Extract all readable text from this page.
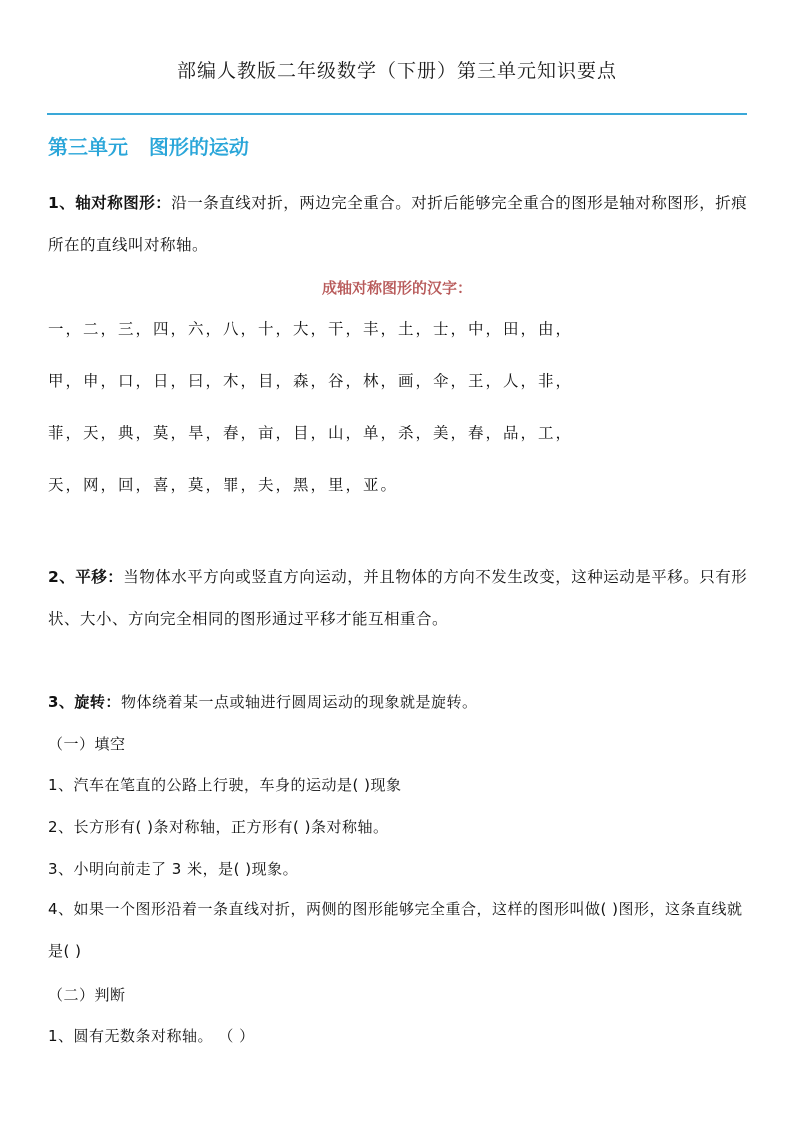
部编人教版二年级数学（下册）第三单元知识要点
第三单元   图形的运动
1、轴对称图形：沿一条直线对折，两边完全重合。对折后能够完全重合的图形是轴对称图形，折痕所在的直线叫对称轴。
成轴对称图形的汉字：
一，二，三，四，六，八，十，大，干，丰，土，士，中，田，由，
甲，申，口，日，曰，木，目，森，谷，林，画，伞，王，人，非，
菲，天，典，莫，旱，春，亩，目，山，单，杀，美，春，品，工，
天，网，回，喜，莫，罪，夫，黑，里，亚。
2、平移：当物体水平方向或竖直方向运动，并且物体的方向不发生改变，这种运动是平移。只有形状、大小、方向完全相同的图形通过平移才能互相重合。
3、旋转：物体绕着某一点或轴进行圆周运动的现象就是旋转。
（一）填空
1、汽车在笔直的公路上行驶，车身的运动是( )现象
2、长方形有( )条对称轴，正方形有( )条对称轴。
3、小明向前走了 3 米，是( )现象。
4、如果一个图形沿着一条直线对折，两侧的图形能够完全重合，这样的图形叫做( )图形，这条直线就是( )
（二）判断
1、圆有无数条对称轴。 （ ）
